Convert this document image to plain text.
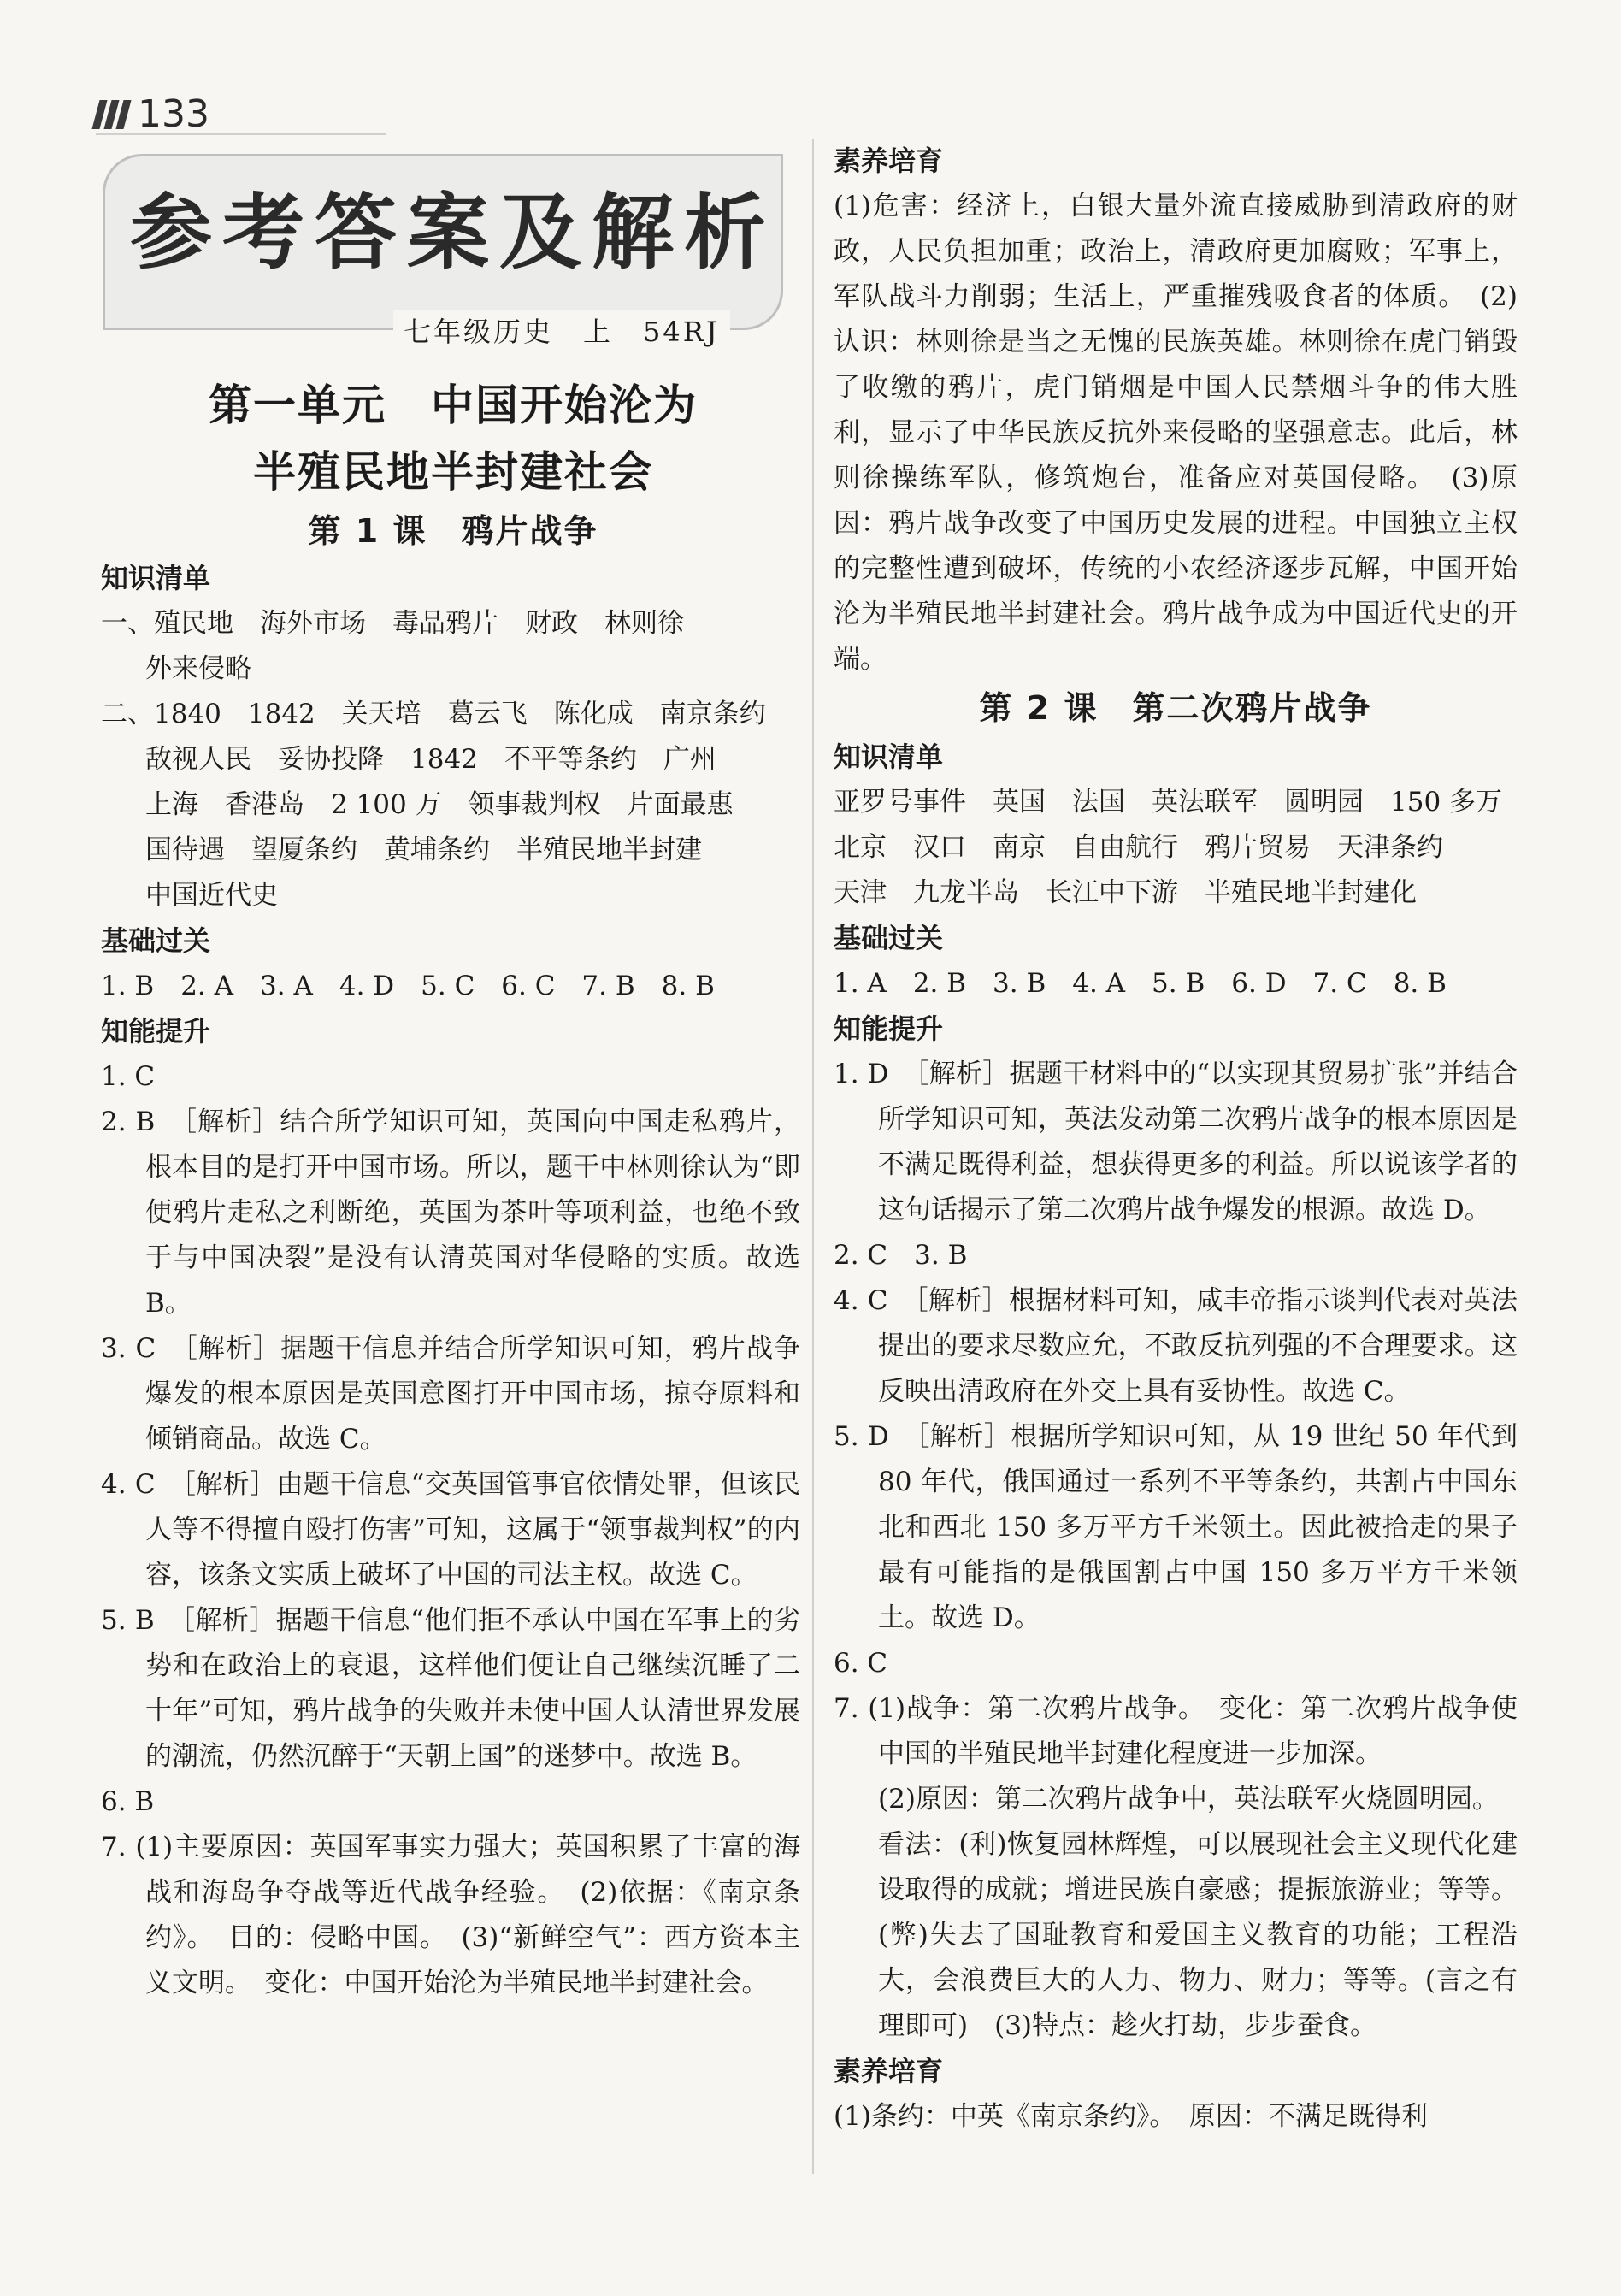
133
参考答案及解析
七年级历史　上　54RJ
第一单元　中国开始沦为
半殖民地半封建社会
第 1 课　鸦片战争
知识清单

一、殖民地　海外市场　毒品鸦片　财政　林则徐

外来侵略

二、1840　1842　关天培　葛云飞　陈化成　南京条约

敌视人民　妥协投降　1842　不平等条约　广州

上海　香港岛　2 100 万　领事裁判权　片面最惠

国待遇　望厦条约　黄埔条约　半殖民地半封建

中国近代史

基础过关

1. B　2. A　3. A　4. D　5. C　6. C　7. B　8. B

知能提升

1. C

2. B　［解析］结合所学知识可知，英国向中国走私鸦片，根本目的是打开中国市场。所以，题干中林则徐认为“即便鸦片走私之利断绝，英国为茶叶等项利益，也绝不致于与中国决裂”是没有认清英国对华侵略的实质。故选 B。

3. C　［解析］据题干信息并结合所学知识可知，鸦片战争爆发的根本原因是英国意图打开中国市场，掠夺原料和倾销商品。故选 C。

4. C　［解析］由题干信息“交英国管事官依情处罪，但该民人等不得擅自殴打伤害”可知，这属于“领事裁判权”的内容，该条文实质上破坏了中国的司法主权。故选 C。

5. B　［解析］据题干信息“他们拒不承认中国在军事上的劣势和在政治上的衰退，这样他们便让自己继续沉睡了二十年”可知，鸦片战争的失败并未使中国人认清世界发展的潮流，仍然沉醉于“天朝上国”的迷梦中。故选 B。

6. B

7. (1)主要原因：英国军事实力强大；英国积累了丰富的海战和海岛争夺战等近代战争经验。　(2)依据：《南京条约》。　目的：侵略中国。　(3)“新鲜空气”：西方资本主义文明。　变化：中国开始沦为半殖民地半封建社会。

素养培育

(1)危害：经济上，白银大量外流直接威胁到清政府的财政，人民负担加重；政治上，清政府更加腐败；军事上，军队战斗力削弱；生活上，严重摧残吸食者的体质。　(2)认识：林则徐是当之无愧的民族英雄。林则徐在虎门销毁了收缴的鸦片，虎门销烟是中国人民禁烟斗争的伟大胜利，显示了中华民族反抗外来侵略的坚强意志。此后，林则徐操练军队，修筑炮台，准备应对英国侵略。　(3)原因：鸦片战争改变了中国历史发展的进程。中国独立主权的完整性遭到破坏，传统的小农经济逐步瓦解，中国开始沦为半殖民地半封建社会。鸦片战争成为中国近代史的开端。

第 2 课　第二次鸦片战争
知识清单

亚罗号事件　英国　法国　英法联军　圆明园　150 多万

北京　汉口　南京　自由航行　鸦片贸易　天津条约

天津　九龙半岛　长江中下游　半殖民地半封建化

基础过关

1. A　2. B　3. B　4. A　5. B　6. D　7. C　8. B

知能提升

1. D　［解析］据题干材料中的“以实现其贸易扩张”并结合所学知识可知，英法发动第二次鸦片战争的根本原因是不满足既得利益，想获得更多的利益。所以说该学者的这句话揭示了第二次鸦片战争爆发的根源。故选 D。

2. C　3. B

4. C　［解析］根据材料可知，咸丰帝指示谈判代表对英法提出的要求尽数应允，不敢反抗列强的不合理要求。这反映出清政府在外交上具有妥协性。故选 C。

5. D　［解析］根据所学知识可知，从 19 世纪 50 年代到 80 年代，俄国通过一系列不平等条约，共割占中国东北和西北 150 多万平方千米领土。因此被拾走的果子最有可能指的是俄国割占中国 150 多万平方千米领土。故选 D。

6. C

7. (1)战争：第二次鸦片战争。　变化：第二次鸦片战争使中国的半殖民地半封建化程度进一步加深。

(2)原因：第二次鸦片战争中，英法联军火烧圆明园。

看法：(利)恢复园林辉煌，可以展现社会主义现代化建设取得的成就；增进民族自豪感；提振旅游业；等等。(弊)失去了国耻教育和爱国主义教育的功能；工程浩大，会浪费巨大的人力、物力、财力；等等。(言之有理即可)　(3)特点：趁火打劫，步步蚕食。

素养培育

(1)条约：中英《南京条约》。　原因：不满足既得利
